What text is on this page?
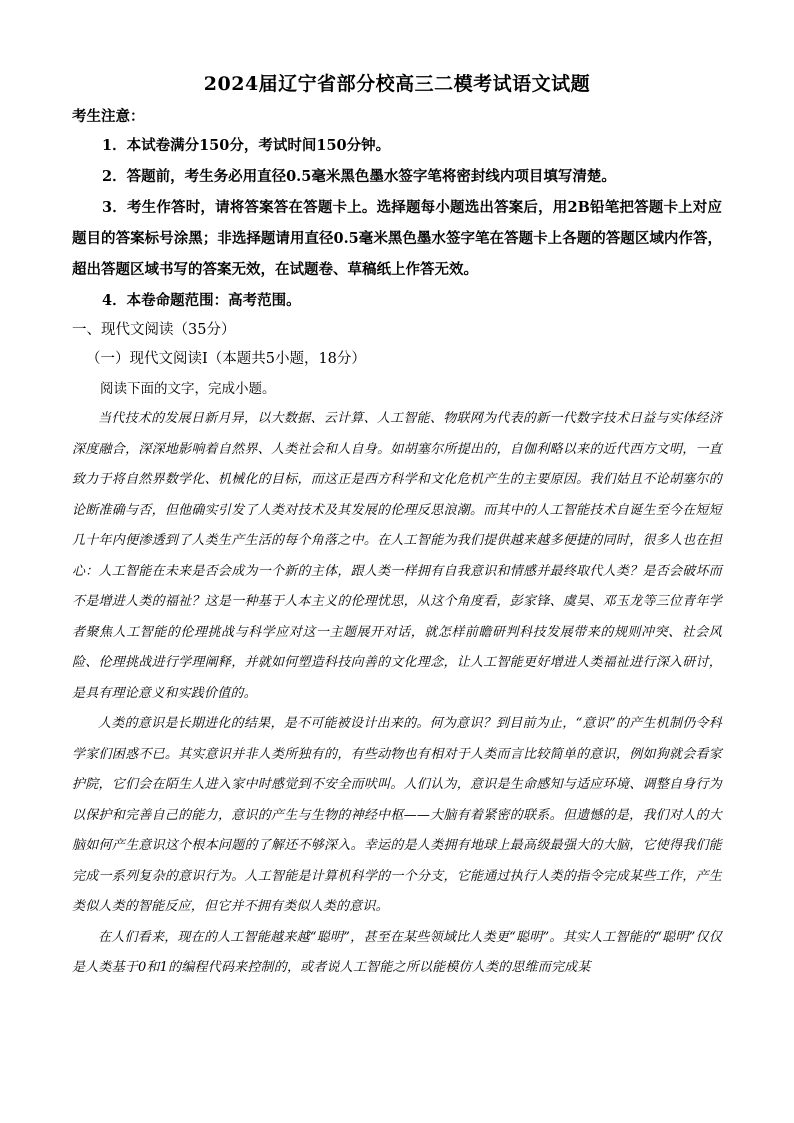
2024届辽宁省部分校高三二模考试语文试题

考生注意：

1．本试卷满分150分，考试时间150分钟。

2．答题前，考生务必用直径0.5毫米黑色墨水签字笔将密封线内项目填写清楚。

3．考生作答时，请将答案答在答题卡上。选择题每小题选出答案后，用2B铅笔把答题卡上对应题目的答案标号涂黑；非选择题请用直径0.5毫米黑色墨水签字笔在答题卡上各题的答题区域内作答，超出答题区域书写的答案无效，在试题卷、草稿纸上作答无效。

4．本卷命题范围：高考范围。

一、现代文阅读（35分）

（一）现代文阅读Ⅰ（本题共5小题，18分）

阅读下面的文字，完成小题。

当代技术的发展日新月异，以大数据、云计算、人工智能、物联网为代表的新一代数字技术日益与实体经济深度融合，深深地影响着自然界、人类社会和人自身。如胡塞尔所提出的，自伽利略以来的近代西方文明，一直致力于将自然界数学化、机械化的目标，而这正是西方科学和文化危机产生的主要原因。我们姑且不论胡塞尔的论断准确与否，但他确实引发了人类对技术及其发展的伦理反思浪潮。而其中的人工智能技术自诞生至今在短短几十年内便渗透到了人类生产生活的每个角落之中。在人工智能为我们提供越来越多便捷的同时，很多人也在担心：人工智能在未来是否会成为一个新的主体，跟人类一样拥有自我意识和情感并最终取代人类？是否会破坏而不是增进人类的福祉？这是一种基于人本主义的伦理忧思，从这个角度看，彭家锋、虞昊、邓玉龙等三位青年学者聚焦人工智能的伦理挑战与科学应对这一主题展开对话，就怎样前瞻研判科技发展带来的规则冲突、社会风险、伦理挑战进行学理阐释，并就如何塑造科技向善的文化理念，让人工智能更好增进人类福祉进行深入研讨，是具有理论意义和实践价值的。

人类的意识是长期进化的结果，是不可能被设计出来的。何为意识？到目前为止，“意识”的产生机制仍令科学家们困惑不已。其实意识并非人类所独有的，有些动物也有相对于人类而言比较简单的意识，例如狗就会看家护院，它们会在陌生人进入家中时感觉到不安全而吠叫。人们认为，意识是生命感知与适应环境、调整自身行为以保护和完善自己的能力，意识的产生与生物的神经中枢——大脑有着紧密的联系。但遗憾的是，我们对人的大脑如何产生意识这个根本问题的了解还不够深入。幸运的是人类拥有地球上最高级最强大的大脑，它使得我们能完成一系列复杂的意识行为。人工智能是计算机科学的一个分支，它能通过执行人类的指令完成某些工作，产生类似人类的智能反应，但它并不拥有类似人类的意识。

在人们看来，现在的人工智能越来越“聪明”，甚至在某些领域比人类更“聪明”。其实人工智能的“聪明”仅仅是人类基于0和1的编程代码来控制的，或者说人工智能之所以能模仿人类的思维而完成某
